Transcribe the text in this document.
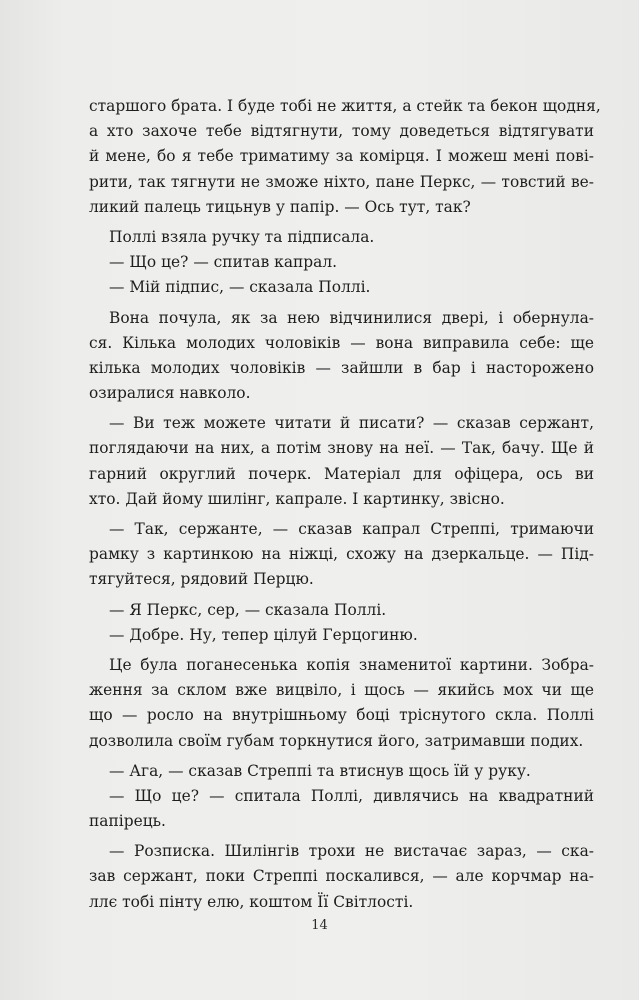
старшого брата. І буде тобі не життя, а стейк та бекон щодня,
а хто захоче тебе відтягнути, тому доведеться відтягувати
й мене, бо я тебе триматиму за комірця. І можеш мені пові-
рити, так тягнути не зможе ніхто, пане Перкс, — товстий ве-
ликий палець тицьнув у папір. — Ось тут, так?
Поллі взяла ручку та підписала.
— Що це? — спитав капрал.
— Мій підпис, — сказала Поллі.
Вона почула, як за нею відчинилися двері, і обернула-
ся. Кілька молодих чоловіків — вона виправила себе: ще
кілька молодих чоловіків — зайшли в бар і настороженo
озиралися навколо.
— Ви теж можете читати й писати? — сказав сержант,
поглядаючи на них, а потім знову на неї. — Так, бачу. Ще й
гарний округлий почерк. Матеріал для офіцера, ось ви
хто. Дай йому шилінг, капрале. І картинку, звісно.
— Так, сержанте, — сказав капрал Стреппі, тримаючи
рамку з картинкою на ніжці, схожу на дзеркальце. — Під-
тягуйтеся, рядовий Перцю.
— Я Перкс, сер, — сказала Поллі.
— Добре. Ну, тепер цілуй Герцогиню.
Це була поганесенька копія знаменитої картини. Зобра-
ження за склом вже вицвіло, і щось — якийсь мох чи ще
що — росло на внутрішньому боці тріснутого скла. Поллі
дозволила своїм губам торкнутися його, затримавши подих.
— Ага, — сказав Стреппі та втиснув щось їй у руку.
— Що це? — спитала Поллі, дивлячись на квадратний
папірець.
— Розписка. Шилінгів трохи не вистачає зараз, — ска-
зав сержант, поки Стреппі поскалився, — але корчмар на-
ллє тобі пінту елю, коштом Її Світлості.
14
